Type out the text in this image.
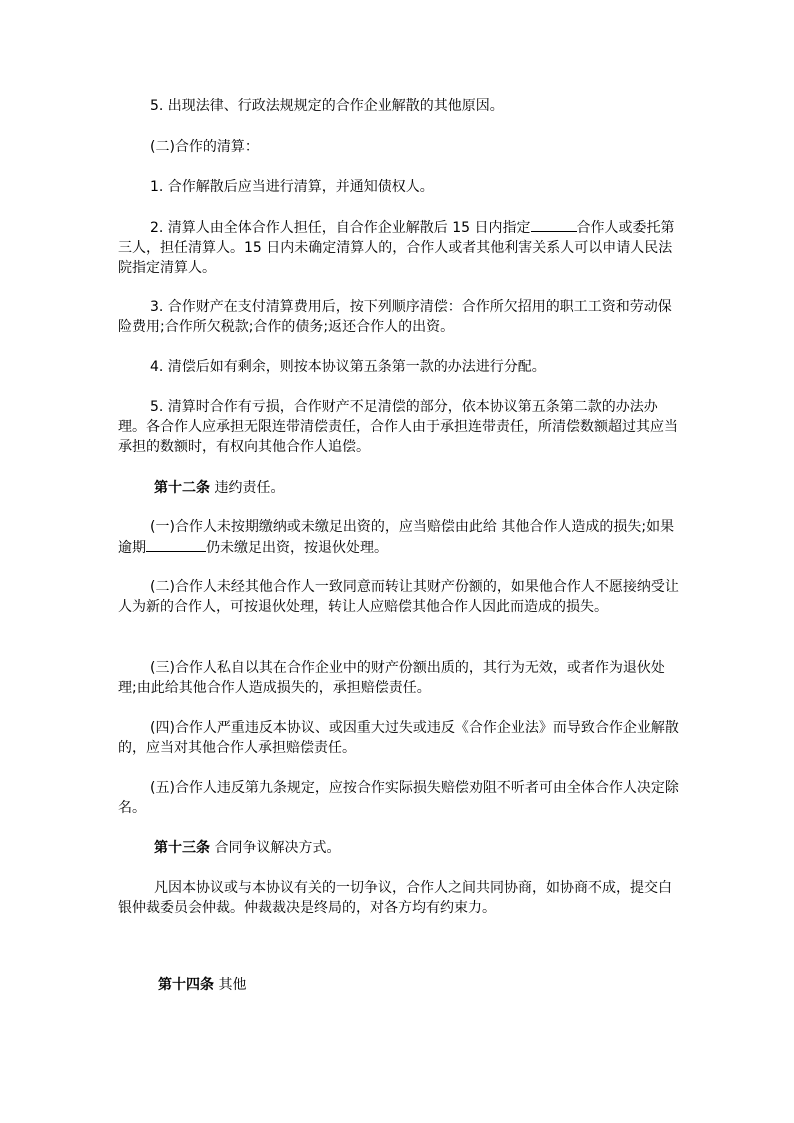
5. 出现法律、行政法规规定的合作企业解散的其他原因。

(二)合作的清算：

1. 合作解散后应当进行清算，并通知债权人。

2. 清算人由全体合作人担任，自合作企业解散后 15 日内指定	合作人或委托第三人，担任清算人。15 日内未确定清算人的，合作人或者其他利害关系人可以申请人民法院指定清算人。

3. 合作财产在支付清算费用后，按下列顺序清偿：合作所欠招用的职工工资和劳动保险费用;合作所欠税款;合作的债务;返还合作人的出资。

4. 清偿后如有剩余，则按本协议第五条第一款的办法进行分配。

5. 清算时合作有亏损，合作财产不足清偿的部分，依本协议第五条第二款的办法办理。各合作人应承担无限连带清偿责任，合作人由于承担连带责任，所清偿数额超过其应当承担的数额时，有权向其他合作人追偿。

第十二条 违约责任。

(一)合作人未按期缴纳或未缴足出资的，应当赔偿由此给 其他合作人造成的损失;如果逾期	仍未缴足出资，按退伙处理。

(二)合作人未经其他合作人一致同意而转让其财产份额的，如果他合作人不愿接纳受让人为新的合作人，可按退伙处理，转让人应赔偿其他合作人因此而造成的损失。

(三)合作人私自以其在合作企业中的财产份额出质的，其行为无效，或者作为退伙处理;由此给其他合作人造成损失的，承担赔偿责任。

(四)合作人严重违反本协议、或因重大过失或违反《合作企业法》而导致合作企业解散的，应当对其他合作人承担赔偿责任。

(五)合作人违反第九条规定，应按合作实际损失赔偿劝阻不听者可由全体合作人决定除名。

第十三条 合同争议解决方式。

凡因本协议或与本协议有关的一切争议，合作人之间共同协商，如协商不成，提交白银仲裁委员会仲裁。仲裁裁决是终局的，对各方均有约束力。

第十四条 其他
